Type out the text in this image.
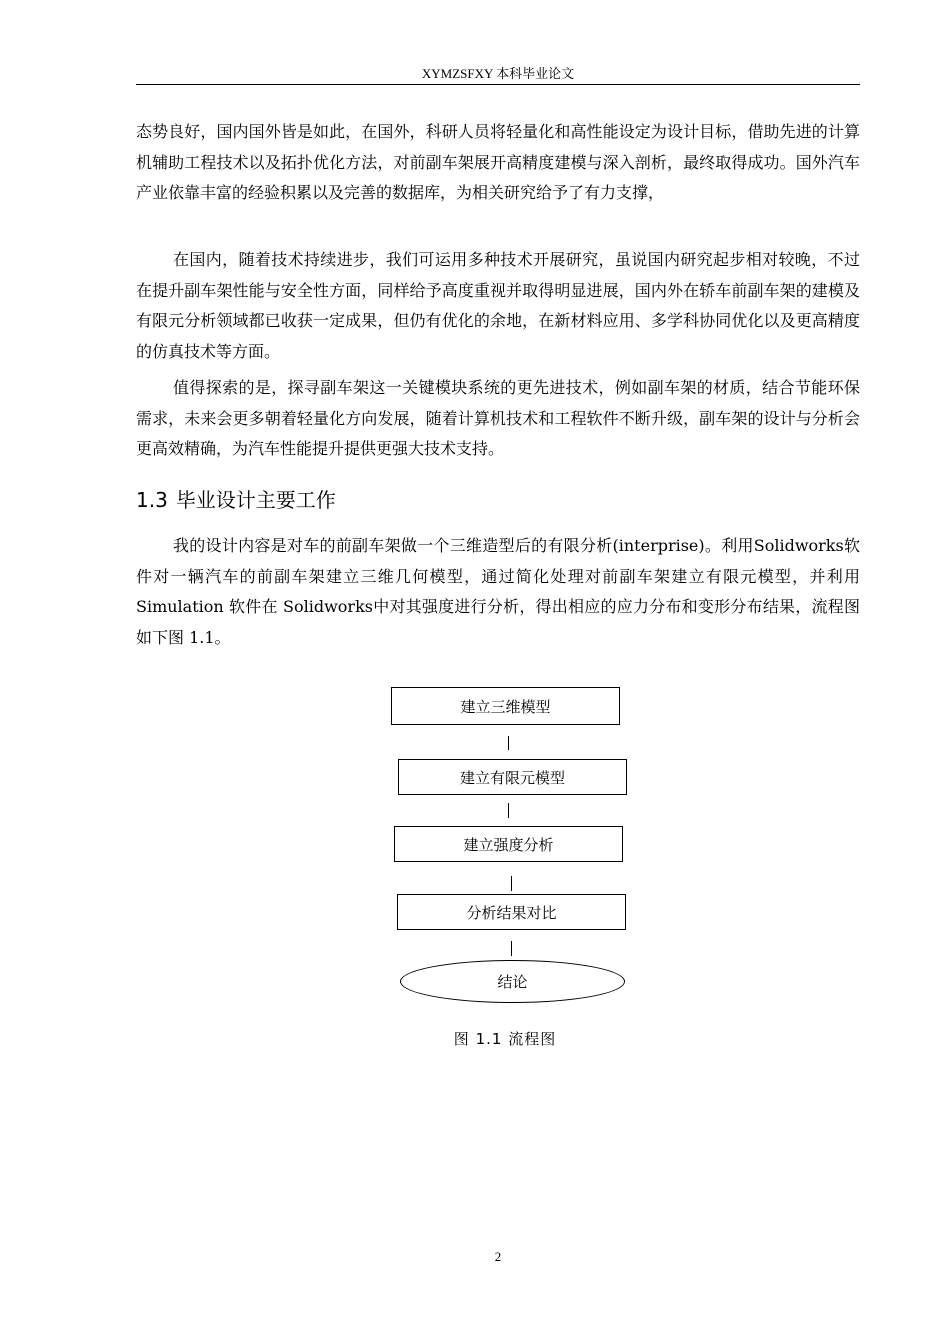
XYMZSFXY 本科毕业论文
态势良好，国内国外皆是如此，在国外，科研人员将轻量化和高性能设定为设计目标，借助先进的计算机辅助工程技术以及拓扑优化方法，对前副车架展开高精度建模与深入剖析，最终取得成功。国外汽车产业依靠丰富的经验积累以及完善的数据库，为相关研究给予了有力支撑，
在国内，随着技术持续进步，我们可运用多种技术开展研究，虽说国内研究起步相对较晚，不过在提升副车架性能与安全性方面，同样给予高度重视并取得明显进展，国内外在轿车前副车架的建模及有限元分析领域都已收获一定成果，但仍有优化的余地，在新材料应用、多学科协同优化以及更高精度的仿真技术等方面。
值得探索的是，探寻副车架这一关键模块系统的更先进技术，例如副车架的材质，结合节能环保需求，未来会更多朝着轻量化方向发展，随着计算机技术和工程软件不断升级，副车架的设计与分析会更高效精确，为汽车性能提升提供更强大技术支持。
1.3 毕业设计主要工作
我的设计内容是对车的前副车架做一个三维造型后的有限分析(interprise)。利用Solidworks软件对一辆汽车的前副车架建立三维几何模型，通过简化处理对前副车架建立有限元模型，并利用 Simulation 软件在 Solidworks中对其强度进行分析，得出相应的应力分布和变形分布结果，流程图如下图 1.1。
建立三维模型
建立有限元模型
建立强度分析
分析结果对比
结论
图 1.1 流程图
2
